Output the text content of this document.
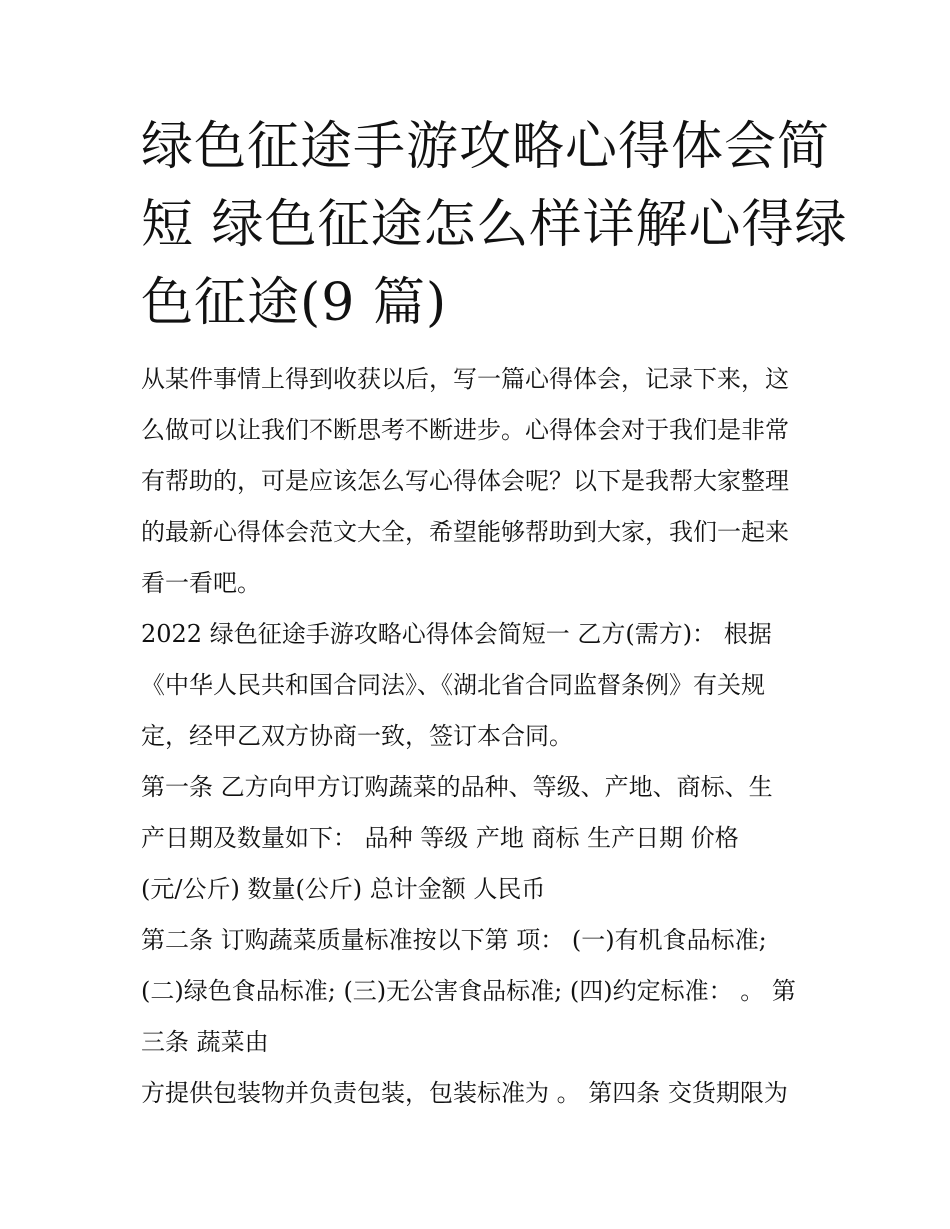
绿色征途手游攻略心得体会简
短 绿色征途怎么样详解心得绿
色征途(9 篇)

从某件事情上得到收获以后，写一篇心得体会，记录下来，这
么做可以让我们不断思考不断进步。心得体会对于我们是非常
有帮助的，可是应该怎么写心得体会呢？以下是我帮大家整理
的最新心得体会范文大全，希望能够帮助到大家，我们一起来
看一看吧。

2022 绿色征途手游攻略心得体会简短一 乙方(需方)： 根据
《中华人民共和国合同法》、《湖北省合同监督条例》有关规
定，经甲乙双方协商一致，签订本合同。

第一条 乙方向甲方订购蔬菜的品种、等级、产地、商标、生
产日期及数量如下： 品种 等级 产地 商标 生产日期 价格
(元/公斤) 数量(公斤) 总计金额 人民币

第二条 订购蔬菜质量标准按以下第 项： (一)有机食品标准;
(二)绿色食品标准; (三)无公害食品标准; (四)约定标准： 。 第
三条 蔬菜由

方提供包装物并负责包装，包装标准为 。 第四条 交货期限为
